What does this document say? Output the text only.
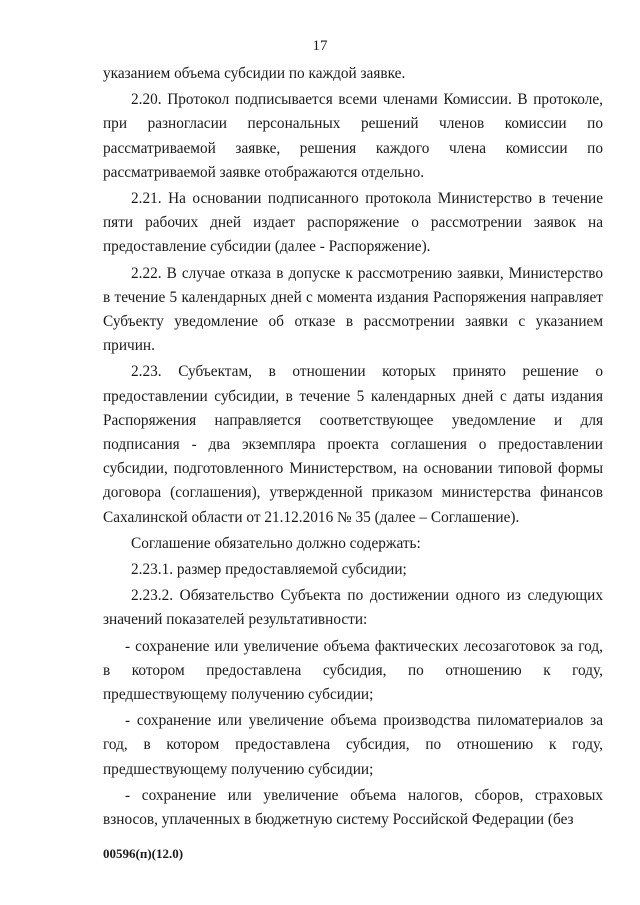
17

указанием объема субсидии по каждой заявке.

2.20. Протокол подписывается всеми членами Комиссии. В протоколе, при разногласии персональных решений членов комиссии по рассматриваемой заявке, решения каждого члена комиссии по рассматриваемой заявке отображаются отдельно.

2.21. На основании подписанного протокола Министерство в течение пяти рабочих дней издает распоряжение о рассмотрении заявок на предоставление субсидии (далее - Распоряжение).

2.22. В случае отказа в допуске к рассмотрению заявки, Министерство в течение 5 календарных дней с момента издания Распоряжения направляет Субъекту уведомление об отказе в рассмотрении заявки с указанием причин.

2.23. Субъектам, в отношении которых принято решение о предоставлении субсидии, в течение 5 календарных дней с даты издания Распоряжения направляется соответствующее уведомление и для подписания - два экземпляра проекта соглашения о предоставлении субсидии, подготовленного Министерством, на основании типовой формы договора (соглашения), утвержденной приказом министерства финансов Сахалинской области от 21.12.2016 № 35 (далее – Соглашение).

Соглашение обязательно должно содержать:

2.23.1. размер предоставляемой субсидии;

2.23.2. Обязательство Субъекта по достижении одного из следующих значений показателей результативности:

- сохранение или увеличение объема фактических лесозаготовок за год, в котором предоставлена субсидия, по отношению к году, предшествующему получению субсидии;

- сохранение или увеличение объема производства пиломатериалов за год, в котором предоставлена субсидия, по отношению к году, предшествующему получению субсидии;

- сохранение или увеличение объема налогов, сборов, страховых взносов, уплаченных в бюджетную систему Российской Федерации (без

00596(п)(12.0)
